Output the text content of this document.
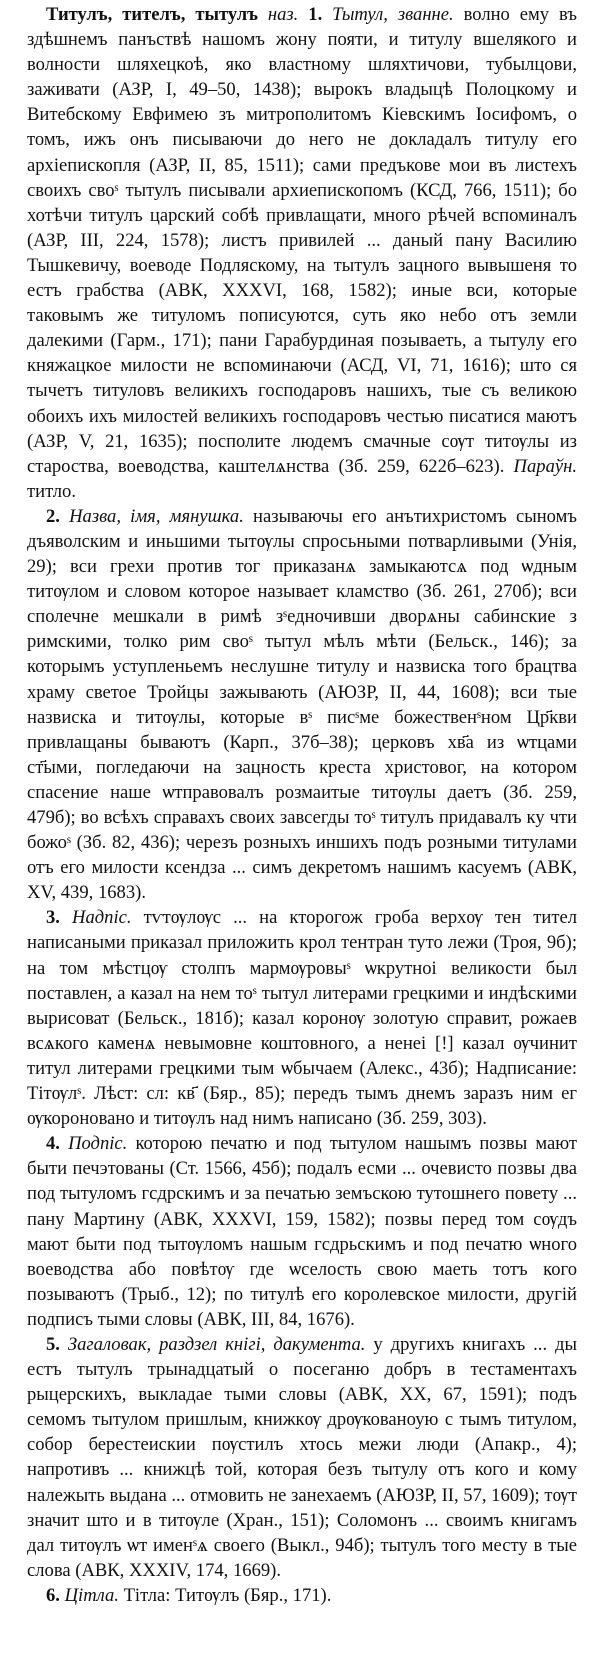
Титулъ, тителъ, тытулъ наз. 1. Тытул, званне. волно ему въ здѣшнемъ панъствѣ нашомъ жону пояти, и титулу вшелякого и волности шляхецкоѣ, яко властному шляхтичови, тубылцови, заживати (АЗР, I, 49–50, 1438); вырокъ владыцѣ Полоцкому и Витебскому Евфимею зъ митрополитомъ Кіевскимъ Іосифомъ, о томъ, ижъ онъ писываючи до него не докладалъ титулу его архіепископля (АЗР, II, 85, 1511); сами предъкове мои въ листехъ своихъ своˢ тытулъ писывали архиепископомъ (КСД, 766, 1511); бо хотѣчи титулъ царский собѣ привлащати, много рѣчей вспоминалъ (АЗР, III, 224, 1578); листъ привилей ... даный пану Василию Тышкевичу, воеводе Подляскому, на тытулъ зацного вывышеня то естъ грабства (АВК, XXXVI, 168, 1582); иные вси, которые таковымъ же титуломъ пописуются, суть яко небо отъ земли далекими (Гарм., 171); пани Гарабурдиная позываеть, а тытулу его княжацкое милости не вспоминаючи (АСД, VI, 71, 1616); што ся тычетъ титуловъ великихъ господаровъ нашихъ, тые съ великою обоихъ ихъ милостей великихъ господаровъ честью писатися маютъ (АЗР, V, 21, 1635); посполите людемъ смачные сѹт титѹлы из староства, воеводства, каштелѧнства (Зб. 259, 622б–623). Параўн. титло.

2. Назва, імя, мянушка. называючы его анътихристомъ сыномъ дъяволским и иньшими тытѹлы спросьными потварливыми (Унія, 29); вси грехи против тог приказанѧ замыкаютсѧ под ѡдным титѹлом и словом которое называет кламство (Зб. 261, 270б); вси сполечне мешкали в римѣ зˢедночивши дворѧны сабинские з римскими, толко рим своˢ тытул мѣлъ мѣти (Бельск., 146); за которымъ уступленьемъ неслушне титулу и назвиска того брацтва храму светое Тройцы зажывають (АЮЗР, II, 44, 1608); вси тые назвиска и титѹлы, которые вˢ писˢме божественˢном Цр҃кви привлащаны бываютъ (Карп., 37б–38); церковъ хв҃а из ѡтцами ст҃ыми, погледаючи на зацность креста христовог, на котором спасение наше ѡтправовалъ розмаитые титѹлы даетъ (Зб. 259, 479б); во всѣхъ справахъ своих завсегды тоˢ титулъ придавалъ ку чти божоˢ (Зб. 82, 436); черезъ розныхъ иншихъ подъ розными титулами отъ его милости ксендза ... симъ декретомъ нашимъ касуемъ (АВК, XV, 439, 1683).

3. Надпіс. тѵтѹлѹс ... на кторогож гроба верхѹ тен тител написаными приказал приложить крол тентран туто лежи (Троя, 9б); на том мѣстцѹ столпъ мармѹровыˢ ѡкрутноі великости был поставлен, а казал на нем тоˢ тытул литерами грецкими и индѣскими вырисоват (Бельск., 181б); казал коронѹ золотую справит, рожаев всѧкого каменѧ невымовне коштовного, а ненеі [!] казал ѹчинит титул литерами грецкими тым ѡбычаем (Алекс., 43б); Надписание: Тітѹлˢ. Лѣст: сл: кв҃ (Бяр., 85); передъ тымъ днемъ заразъ ним ег ѹкороновано и титѹлъ над нимъ написано (Зб. 259, 303).

4. Подпіс. которою печатю и под тытулом нашымъ позвы мают быти печэтованы (Ст. 1566, 45б); подалъ есми ... очевисто позвы два под тытуломъ гсдрскимъ и за печатью земъскою тутошнего повету ... пану Мартину (АВК, XXXVI, 159, 1582); позвы перед том сѹдъ мают быти под тытѹломъ нашым гсдрьскимъ и под печатю ѡного воеводства або повѣтѹ где ѡселость свою маеть тотъ кого позываютъ (Трыб., 12); по титулѣ его королевское милости, другій подписъ тыми словы (АВК, III, 84, 1676).

5. Загаловак, раздзел кнігі, дакумента. у другихъ книгахъ ... ды естъ тытулъ трынадцатый о посеганю добръ в тестаментахъ рыцерскихъ, выкладае тыми словы (АВК, XX, 67, 1591); подъ семомъ тытулом пришлым, книжкѹ дрѹкованоую с тымъ титулом, собор берестеискии пѹстилъ хтось межи люди (Апакр., 4); напротивъ ... книжцѣ той, которая безъ тытулу отъ кого и кому належыть выдана ... отмовить не занехаемъ (АЮЗР, II, 57, 1609); тѹт значит што и в титѹле (Хран., 151); Соломонъ ... своимъ книгамъ дал титѹлъ ѡт именˢѧ своего (Выкл., 94б); тытулъ того месту в тые слова (АВК, XXXIV, 174, 1669).

6. Цітла. Тітла: Титѹлъ (Бяр., 171).
